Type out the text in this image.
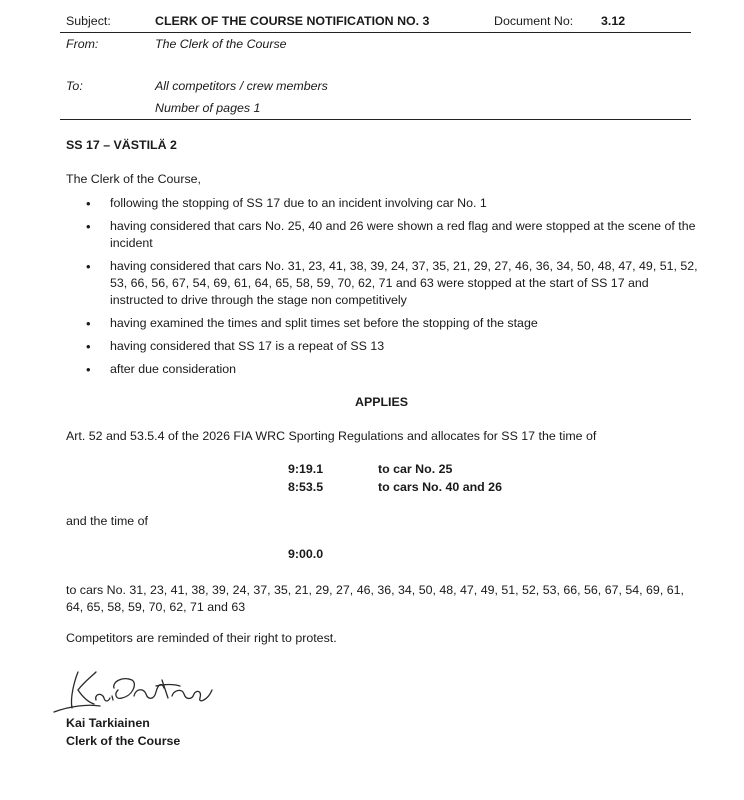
Subject:	CLERK OF THE COURSE NOTIFICATION NO. 3	Document No: 3.12
From:	The Clerk of the Course
To:	All competitors / crew members
Number of pages 1
SS 17 – VÄSTILÄ 2
The Clerk of the Course,
• following the stopping of SS 17 due to an incident involving car No. 1
• having considered that cars No. 25, 40 and 26 were shown a red flag and were stopped at the scene of the incident
• having considered that cars No. 31, 23, 41, 38, 39, 24, 37, 35, 21, 29, 27, 46, 36, 34, 50, 48, 47, 49, 51, 52, 53, 66, 56, 67, 54, 69, 61, 64, 65, 58, 59, 70, 62, 71 and 63 were stopped at the start of SS 17 and instructed to drive through the stage non competitively
• having examined the times and split times set before the stopping of the stage
• having considered that SS 17 is a repeat of SS 13
• after due consideration
APPLIES
Art. 52 and 53.5.4 of the 2026 FIA WRC Sporting Regulations and allocates for SS 17 the time of
9:19.1	to car No. 25
8:53.5	to cars No. 40 and 26
and the time of
9:00.0
to cars No. 31, 23, 41, 38, 39, 24, 37, 35, 21, 29, 27, 46, 36, 34, 50, 48, 47, 49, 51, 52, 53, 66, 56, 67, 54, 69, 61, 64, 65, 58, 59, 70, 62, 71 and 63
Competitors are reminded of their right to protest.
Kai Tarkiainen
Clerk of the Course
